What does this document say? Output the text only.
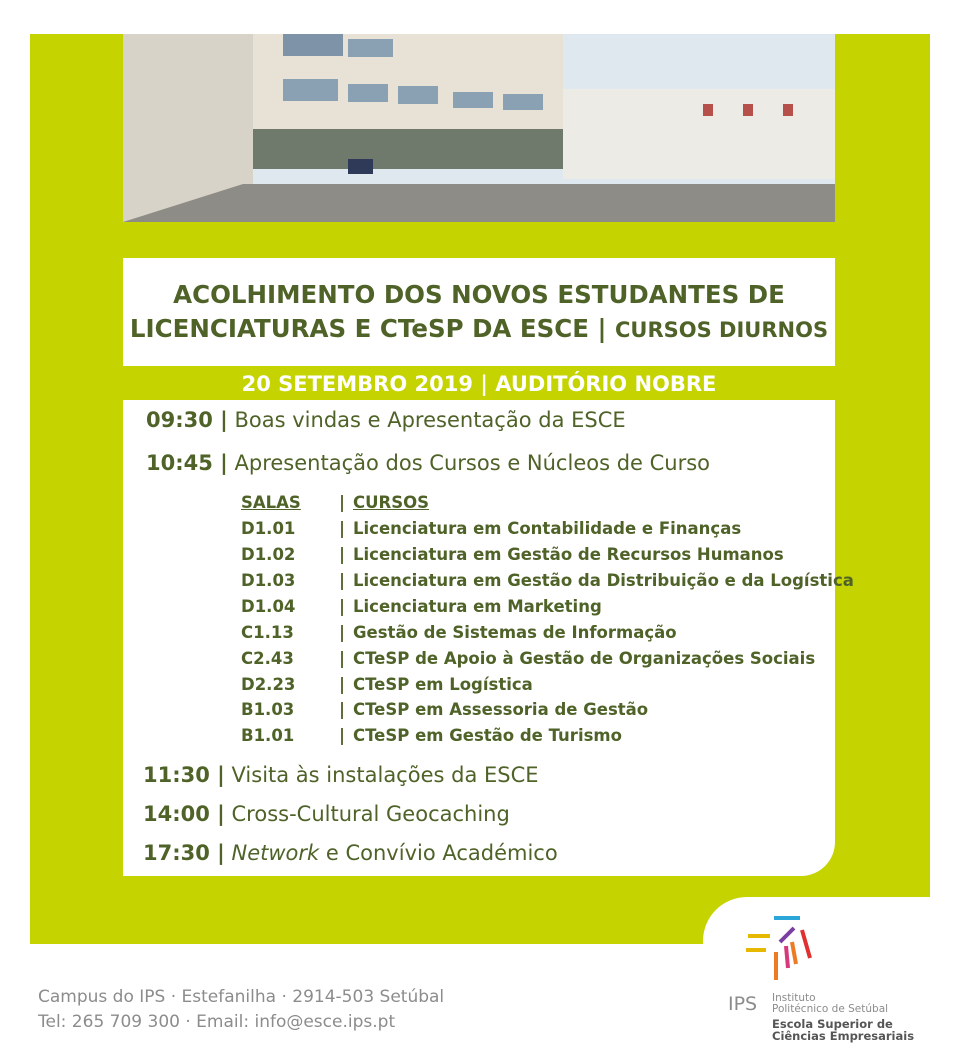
ACOLHIMENTO DOS NOVOS ESTUDANTES DE
LICENCIATURAS E CTeSP DA ESCE | CURSOS DIURNOS
20 SETEMBRO 2019 | AUDITÓRIO NOBRE
09:30 | Boas vindas e Apresentação da ESCE
10:45 | Apresentação dos Cursos e Núcleos de Curso
SALAS	| CURSOS
D1.01	| Licenciatura em Contabilidade e Finanças
D1.02	| Licenciatura em Gestão de Recursos Humanos
D1.03	| Licenciatura em Gestão da Distribuição e da Logística
D1.04	| Licenciatura em Marketing
C1.13	| Gestão de Sistemas de Informação
C2.43	| CTeSP de Apoio à Gestão de Organizações Sociais
D2.23	| CTeSP em Logística
B1.03	| CTeSP em Assessoria de Gestão
B1.01	| CTeSP em Gestão de Turismo
11:30 | Visita às instalações da ESCE
14:00 | Cross-Cultural Geocaching
17:30 | Network e Convívio Académico
IPS Instituto
Politécnico de Setúbal
Escola Superior de
Ciências Empresariais
Campus do IPS · Estefanilha · 2914-503 Setúbal
Tel: 265 709 300 · Email: info@esce.ips.pt
